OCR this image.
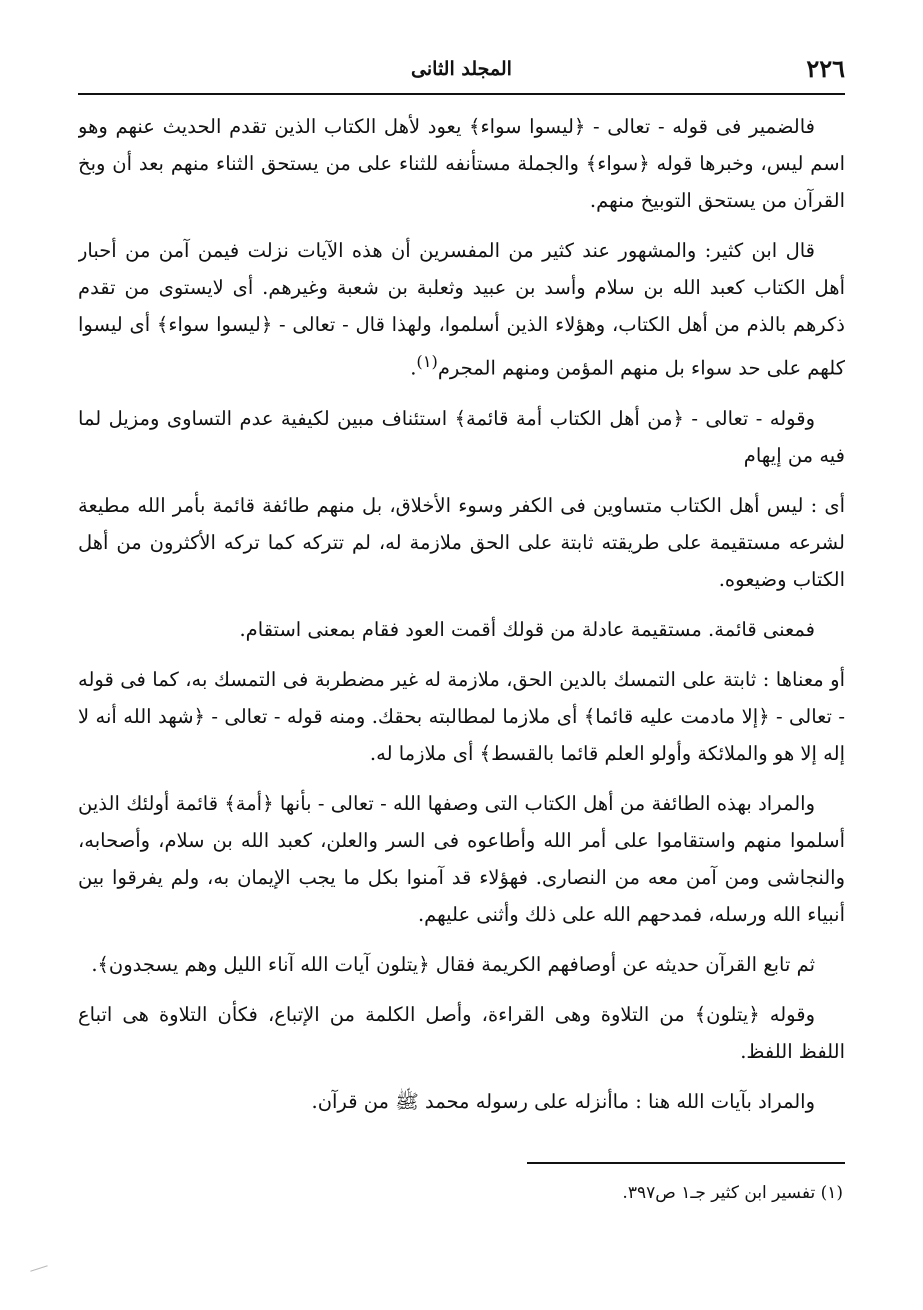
٢٢٦
المجلد الثانى

فالضمير فى قوله - تعالى - ﴿ليسوا سواء﴾ يعود لأهل الكتاب الذين تقدم الحديث عنهم وهو اسم ليس، وخبرها قوله ﴿سواء﴾ والجملة مستأنفه للثناء على من يستحق الثناء منهم بعد أن وبخ القرآن من يستحق التوبيخ منهم.

قال ابن كثير: والمشهور عند كثير من المفسرين أن هذه الآيات نزلت فيمن آمن من أحبار أهل الكتاب كعبد الله بن سلام وأسد بن عبيد وثعلبة بن شعبة وغيرهم. أى لايستوى من تقدم ذكرهم بالذم من أهل الكتاب، وهؤلاء الذين أسلموا، ولهذا قال - تعالى - ﴿ليسوا سواء﴾ أى ليسوا كلهم على حد سواء بل منهم المؤمن ومنهم المجرم$^{(١)}$.

وقوله - تعالى - ﴿من أهل الكتاب أمة قائمة﴾ استئناف مبين لكيفية عدم التساوى ومزيل لما فيه من إيهام

أى : ليس أهل الكتاب متساوين فى الكفر وسوء الأخلاق، بل منهم طائفة قائمة بأمر الله مطيعة لشرعه مستقيمة على طريقته ثابتة على الحق ملازمة له، لم تتركه كما تركه الأكثرون من أهل الكتاب وضيعوه.

فمعنى قائمة. مستقيمة عادلة من قولك أقمت العود فقام بمعنى استقام.

أو معناها : ثابتة على التمسك بالدين الحق، ملازمة له غير مضطربة فى التمسك به، كما فى قوله - تعالى - ﴿إلا مادمت عليه قائما﴾ أى ملازما لمطالبته بحقك. ومنه قوله - تعالى - ﴿شهد الله أنه لا إله إلا هو والملائكة وأولو العلم قائما بالقسط﴾ أى ملازما له.

والمراد بهذه الطائفة من أهل الكتاب التى وصفها الله - تعالى - بأنها ﴿أمة﴾ قائمة أولئك الذين أسلموا منهم واستقاموا على أمر الله وأطاعوه فى السر والعلن، كعبد الله بن سلام، وأصحابه، والنجاشى ومن آمن معه من النصارى. فهؤلاء قد آمنوا بكل ما يجب الإيمان به، ولم يفرقوا بين أنبياء الله ورسله، فمدحهم الله على ذلك وأثنى عليهم.

ثم تابع القرآن حديثه عن أوصافهم الكريمة فقال ﴿يتلون آيات الله آناء الليل وهم يسجدون﴾.

وقوله ﴿يتلون﴾ من التلاوة وهى القراءة، وأصل الكلمة من الإتباع، فكأن التلاوة هى اتباع اللفظ اللفظ.

والمراد بآيات الله هنا : ماأنزله على رسوله محمد ﷺ من قرآن.

(١) تفسير ابن كثير جـ١ ص٣٩٧.
